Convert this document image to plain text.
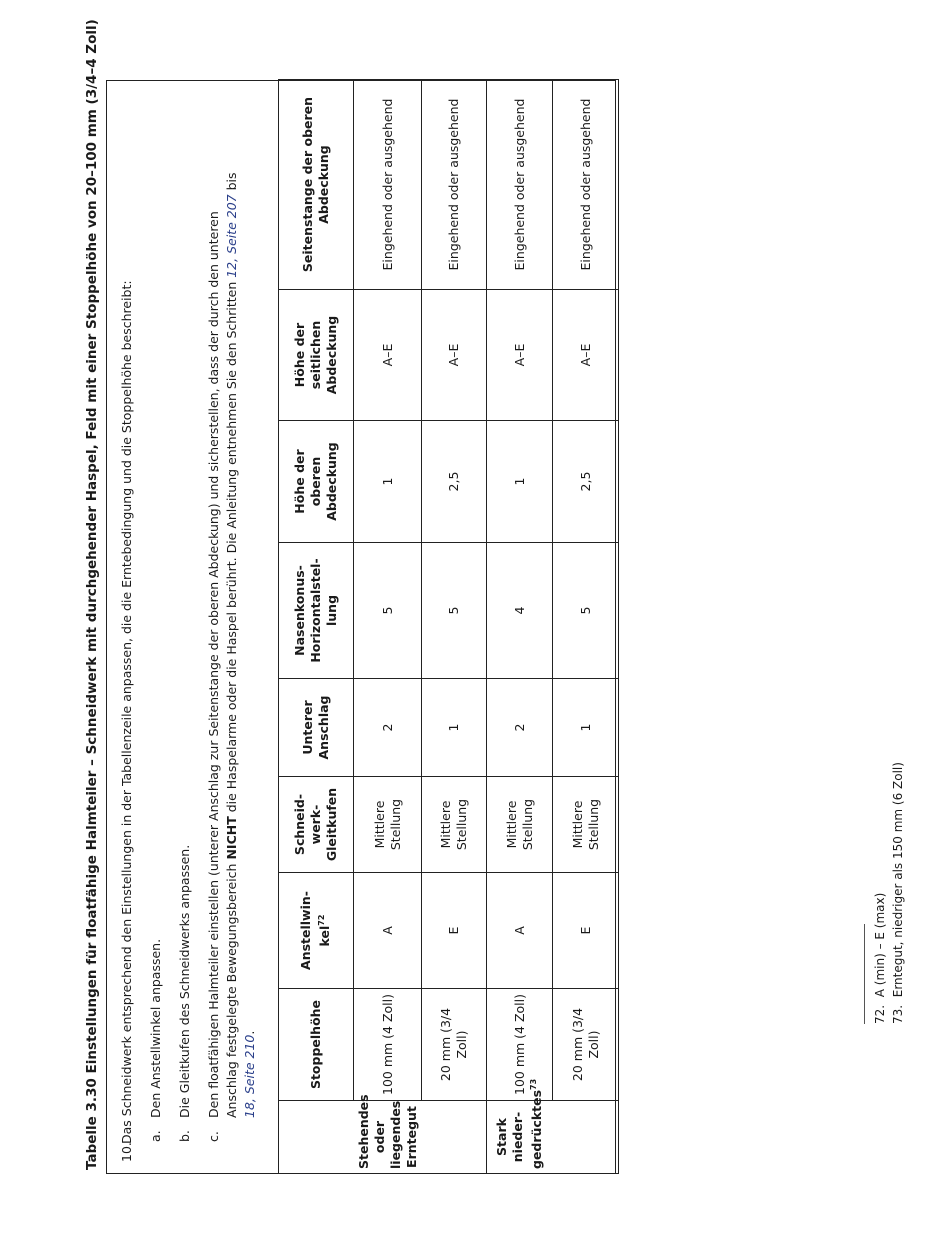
Tabelle 3.30 Einstellungen für floatfähige Halmteiler – Schneidwerk mit durchgehender Haspel, Feld mit einer Stoppelhöhe von 20–100 mm (3/4–4 Zoll) 10.
Das Schneidwerk entsprechend den Einstellungen in der Tabellenzeile anpassen, die die Erntebedingung und die Stoppelhöhe beschreibt: a.
Den Anstellwinkel anpassen.
b.
Die Gleitkufen des Schneidwerks anpassen.
c.
Den floatfähigen Halmteiler einstellen (unterer Anschlag zur Seitenstange der oberen Abdeckung) und sicherstellen, dass der durch den unteren Anschlag festgelegte Bewegungsbereich NICHT die Haspelarme oder die Haspel berührt. Die Anleitung entnehmen Sie den Schritten 12, Seite 207 bis
18, Seite 210.
		Stoppelhöhe	Anstellwin-kel$^{72}$	Schneid-werk-Gleitkufen	Unterer Anschlag	Nasenkonus-Horizontalstel-lung	Höhe der oberen Abdeckung	Höhe der seitlichen Abdeckung	Seitenstange der oberen Abdeckung
Stehendes oder liegendes Erntegut	100 mm (4 Zoll)	A	Mittlere Stellung	2	5	1	A–E	Eingehend oder ausgehend
	20 mm (3/4 Zoll)	E	Mittlere Stellung	1	5	2,5	A–E	Eingehend oder ausgehend
Stark nieder-gedrücktes$^{73}$	100 mm (4 Zoll)	A	Mittlere Stellung	2	4	1	A–E	Eingehend oder ausgehend
	20 mm (3/4 Zoll)	E	Mittlere Stellung	1	5	2,5	A–E	Eingehend oder ausgehend
72.  A (min) – E (max)
73.  Erntegut, niedriger als 150 mm (6 Zoll)
